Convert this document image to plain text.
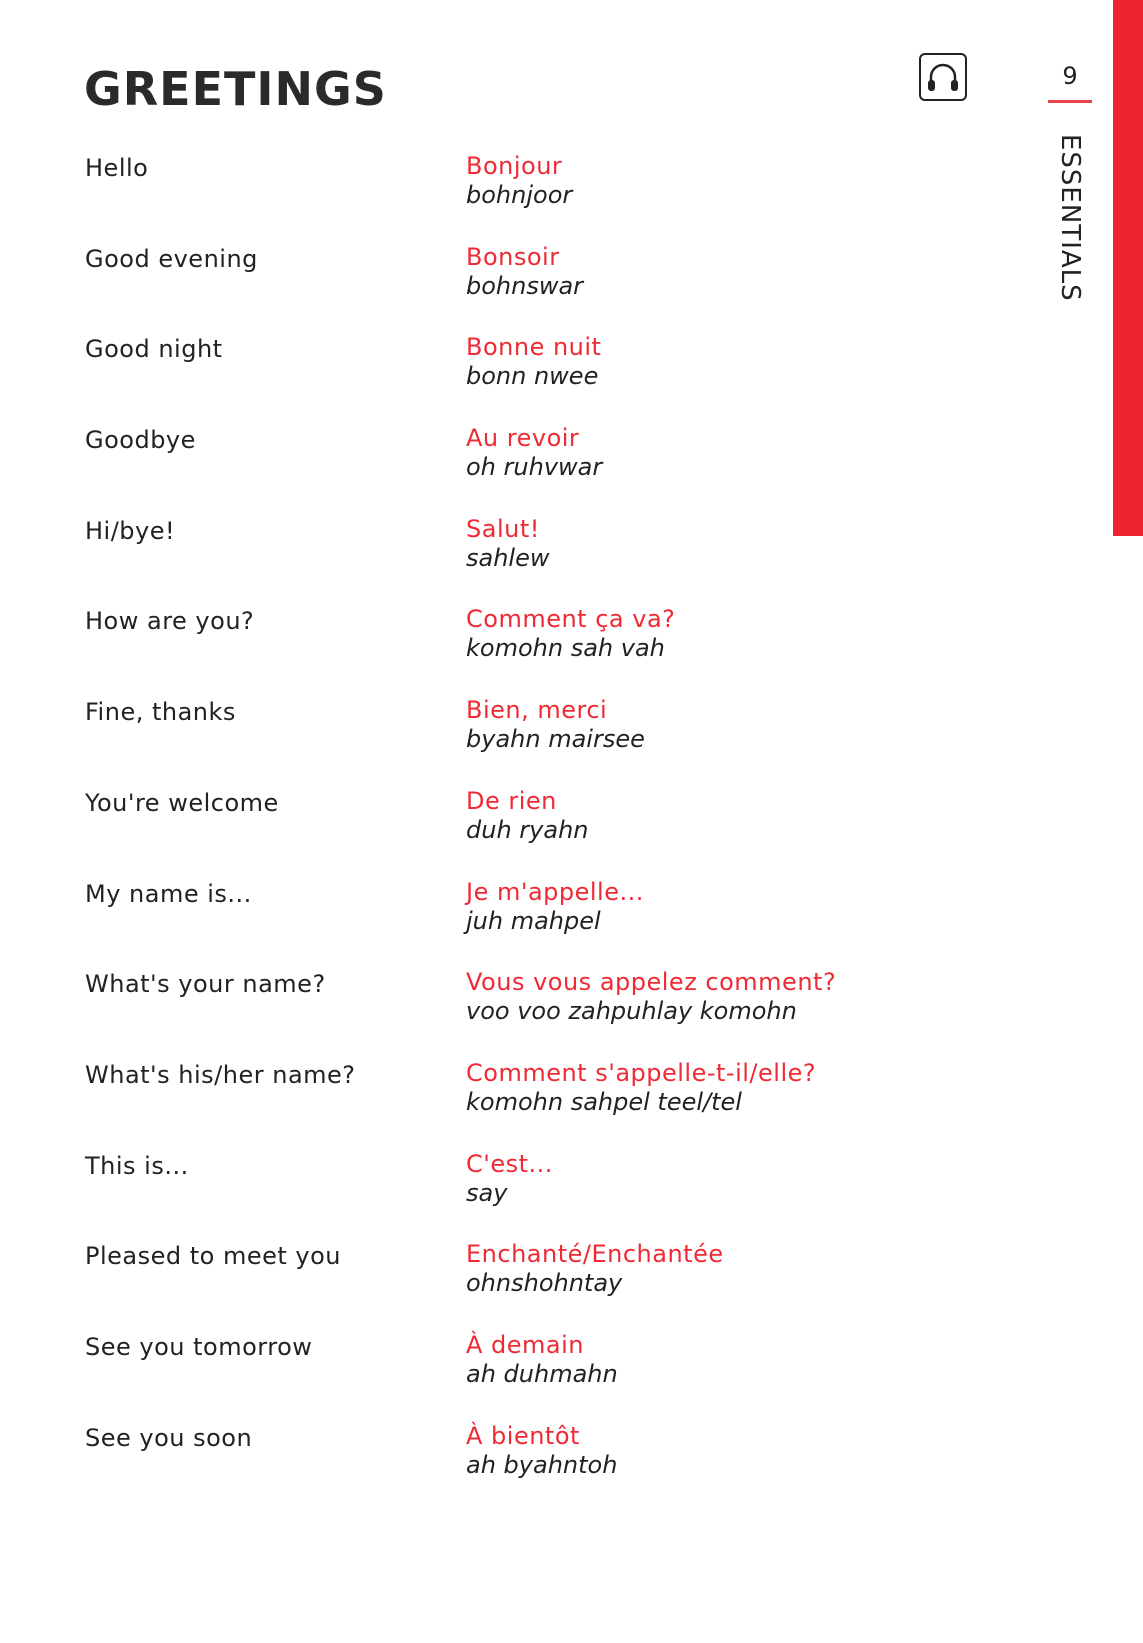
GREETINGS	9
ESSENTIALS
Hello	Bonjour
bohnjoor
Good evening	Bonsoir
bohnswar
Good night	Bonne nuit
bonn nwee
Goodbye	Au revoir
oh ruhvwar
Hi/bye!	Salut!
sahlew
How are you?	Comment ça va?
komohn sah vah
Fine, thanks	Bien, merci
byahn mairsee
You're welcome	De rien
duh ryahn
My name is...	Je m'appelle...
juh mahpel
What's your name?	Vous vous appelez comment?
voo voo zahpuhlay komohn
What's his/her name?	Comment s'appelle-t-il/elle?
komohn sahpel teel/tel
This is...	C'est...
say
Pleased to meet you	Enchanté/Enchantée
ohnshohntay
See you tomorrow	À demain
ah duhmahn
See you soon	À bientôt
ah byahntoh
